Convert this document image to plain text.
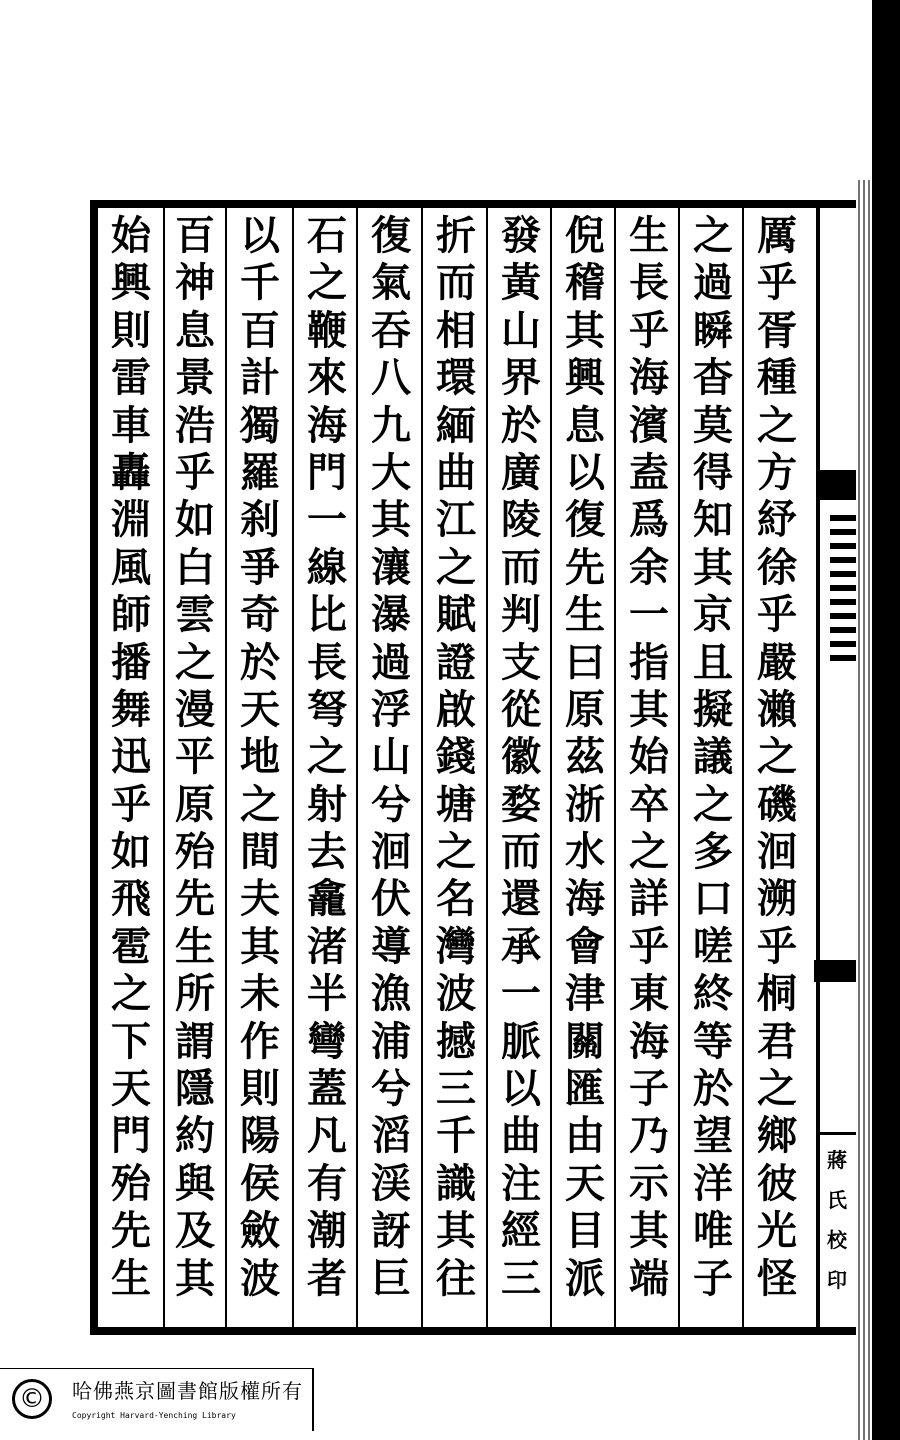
厲
乎
胥
種
之
方
紓
徐
乎
嚴
瀨
之
磯
洄
溯
乎
桐
君
之
鄉
彼
光
怪
之
過
瞬
杳
莫
得
知
其
京
且
擬
議
之
多
口
嗟
終
等
於
望
洋
唯
子
生
長
乎
海
濱
盍
爲
余
一
指
其
始
卒
之
詳
乎
東
海
子
乃
示
其
端
倪
稽
其
興
息
以
復
先
生
曰
原
茲
浙
水
海
會
津
關
匯
由
天
目
派
發
黃
山
界
於
廣
陵
而
判
支
從
徽
婺
而
還
承
一
脈
以
曲
注
經
三
折
而
相
環
緬
曲
江
之
賦
證
啟
錢
塘
之
名
灣
波
撼
三
千
識
其
往
復
氣
吞
八
九
大
其
瀼
瀑
過
浮
山
兮
洄
伏
導
漁
浦
兮
滔
渓
訝
巨
石
之
鞭
來
海
門
一
線
比
長
弩
之
射
去
龕
渚
半
彎
蓋
凡
有
潮
者
以
千
百
計
獨
羅
刹
爭
奇
於
天
地
之
間
夫
其
未
作
則
陽
侯
斂
波
百
神
息
景
浩
乎
如
白
雲
之
漫
平
原
殆
先
生
所
謂
隱
約
與
及
其
始
興
則
雷
車
轟
淵
風
師
播
舞
迅
乎
如
飛
雹
之
下
天
門
殆
先
生
蔣
氏
校
印
©	哈佛燕京圖書館版權所有
Copyright Harvard-Yenching Library
